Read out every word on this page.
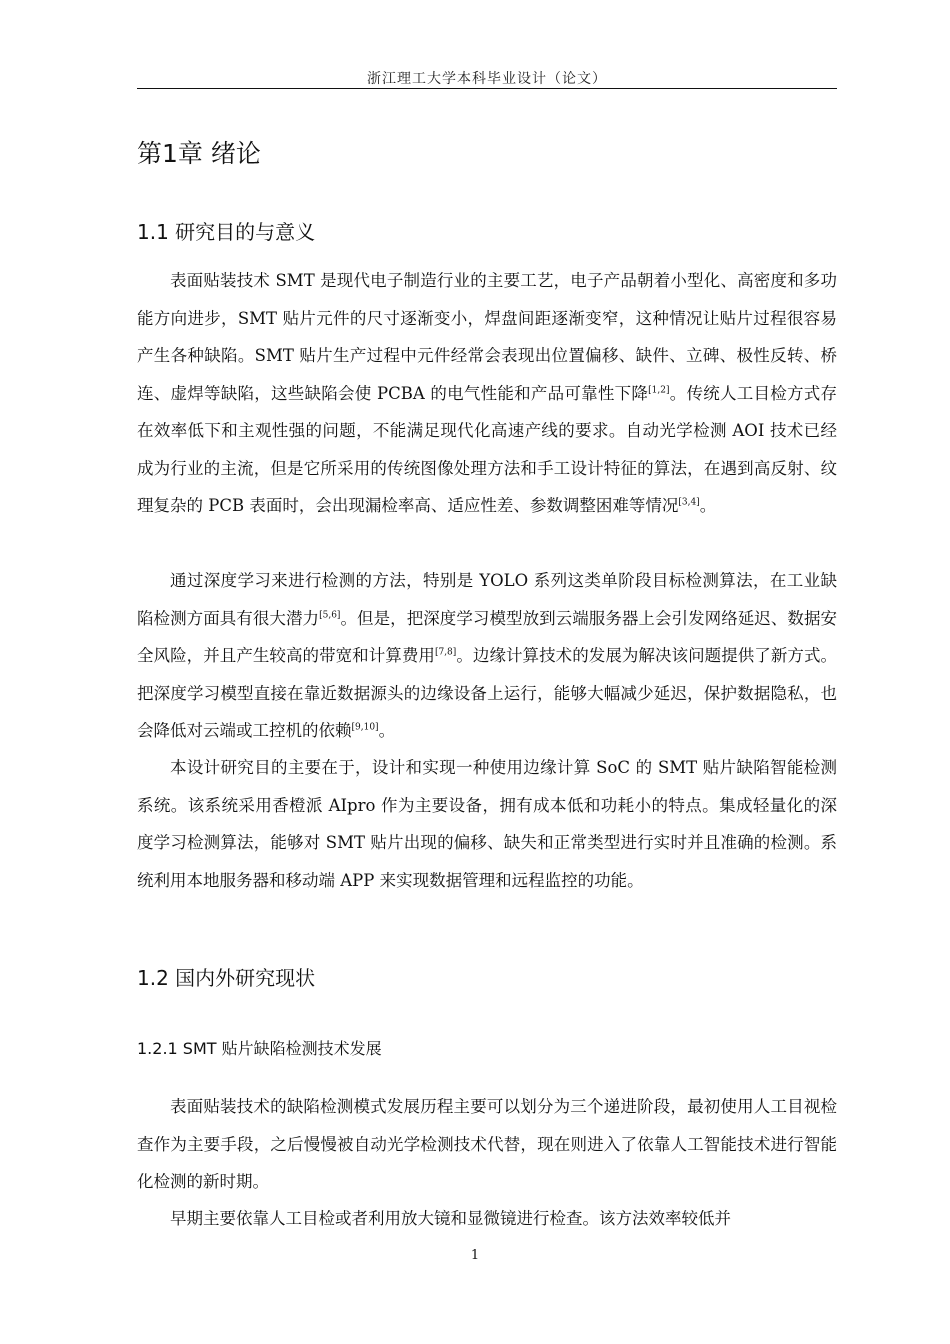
浙江理工大学本科毕业设计（论文）
第1章 绪论
1.1 研究目的与意义

表面贴装技术 SMT 是现代电子制造行业的主要工艺，电子产品朝着小型化、高密度和多功能方向进步，SMT 贴片元件的尺寸逐渐变小，焊盘间距逐渐变窄，这种情况让贴片过程很容易产生各种缺陷。SMT 贴片生产过程中元件经常会表现出位置偏移、缺件、立碑、极性反转、桥连、虚焊等缺陷，这些缺陷会使 PCBA 的电气性能和产品可靠性下降[1,2]。传统人工目检方式存在效率低下和主观性强的问题，不能满足现代化高速产线的要求。自动光学检测 AOI 技术已经成为行业的主流，但是它所采用的传统图像处理方法和手工设计特征的算法，在遇到高反射、纹理复杂的 PCB 表面时，会出现漏检率高、适应性差、参数调整困难等情况[3,4]。

通过深度学习来进行检测的方法，特别是 YOLO 系列这类单阶段目标检测算法，在工业缺陷检测方面具有很大潜力[5,6]。但是，把深度学习模型放到云端服务器上会引发网络延迟、数据安全风险，并且产生较高的带宽和计算费用[7,8]。边缘计算技术的发展为解决该问题提供了新方式。把深度学习模型直接在靠近数据源头的边缘设备上运行，能够大幅减少延迟，保护数据隐私，也会降低对云端或工控机的依赖[9,10]。

本设计研究目的主要在于，设计和实现一种使用边缘计算 SoC 的 SMT 贴片缺陷智能检测系统。该系统采用香橙派 AIpro 作为主要设备，拥有成本低和功耗小的特点。集成轻量化的深度学习检测算法，能够对 SMT 贴片出现的偏移、缺失和正常类型进行实时并且准确的检测。系统利用本地服务器和移动端 APP 来实现数据管理和远程监控的功能。

1.2 国内外研究现状
1.2.1 SMT 贴片缺陷检测技术发展

表面贴装技术的缺陷检测模式发展历程主要可以划分为三个递进阶段，最初使用人工目视检查作为主要手段，之后慢慢被自动光学检测技术代替，现在则进入了依靠人工智能技术进行智能化检测的新时期。

早期主要依靠人工目检或者利用放大镜和显微镜进行检查。该方法效率较低并

1
